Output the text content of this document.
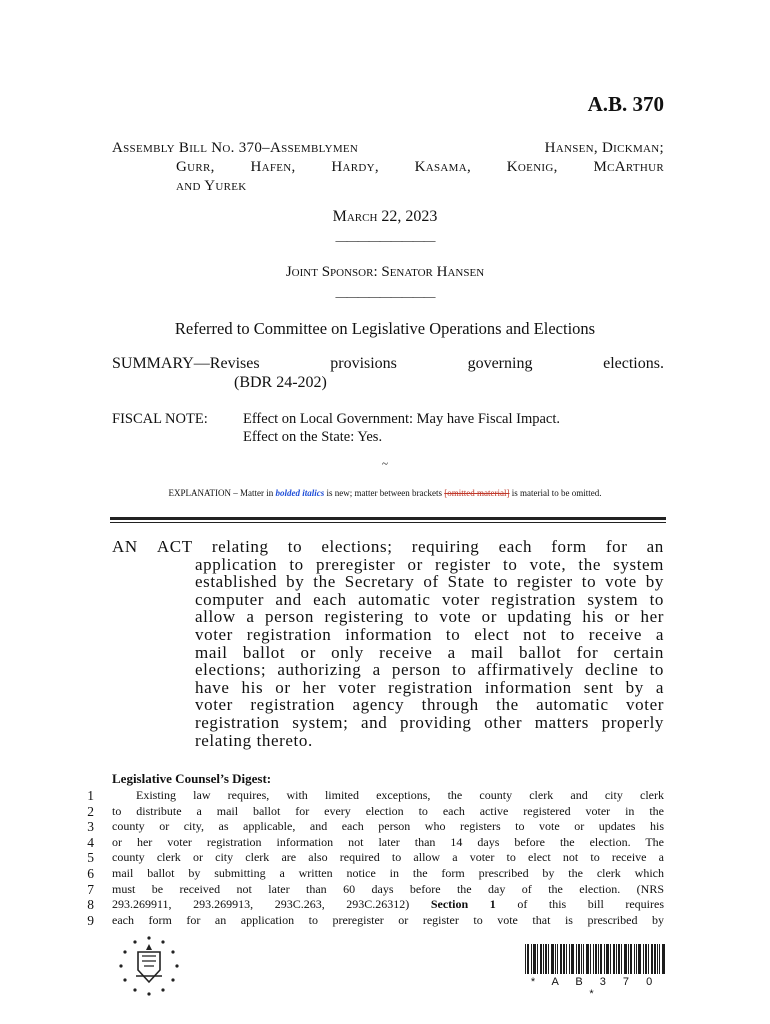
A.B. 370
Assembly Bill No. 370–Assemblymen	Hansen, Dickman;
Gurr, Hafen, Hardy, Kasama, Koenig, McArthur
and Yurek
March 22, 2023
—————————
Joint Sponsor: Senator Hansen
—————————
Referred to Committee on Legislative Operations and Elections
SUMMARY—Revises	provisions	governing	elections.
(BDR 24-202)
FISCAL NOTE:	Effect on Local Government: May have Fiscal Impact.
Effect on the State: Yes.
~
EXPLANATION – Matter in bolded italics is new; matter between brackets [omitted material] is material to be omitted.
AN ACT relating to elections; requiring each form for an
application to preregister or register to vote, the system
established by the Secretary of State to register to vote by
computer and each automatic voter registration system to
allow a person registering to vote or updating his or her
voter registration information to elect not to receive a
mail ballot or only receive a mail ballot for certain
elections; authorizing a person to affirmatively decline to
have his or her voter registration information sent by a
voter registration agency through the automatic voter
registration system; and providing other matters properly
relating thereto.
Legislative Counsel’s Digest:
1
2
3
4
5
6
7
8
9
Existing law requires, with limited exceptions, the county clerk and city clerk
to distribute a mail ballot for every election to each active registered voter in the
county or city, as applicable, and each person who registers to vote or updates his
or her voter registration information not later than 14 days before the election. The
county clerk or city clerk are also required to allow a voter to elect not to receive a
mail ballot by submitting a written notice in the form prescribed by the clerk which
must be received not later than 60 days before the day of the election. (NRS
293.269911, 293.269913, 293C.263, 293C.26312) Section 1 of this bill requires
each form for an application to preregister or register to vote that is prescribed by
* A B 3 7 0 *
